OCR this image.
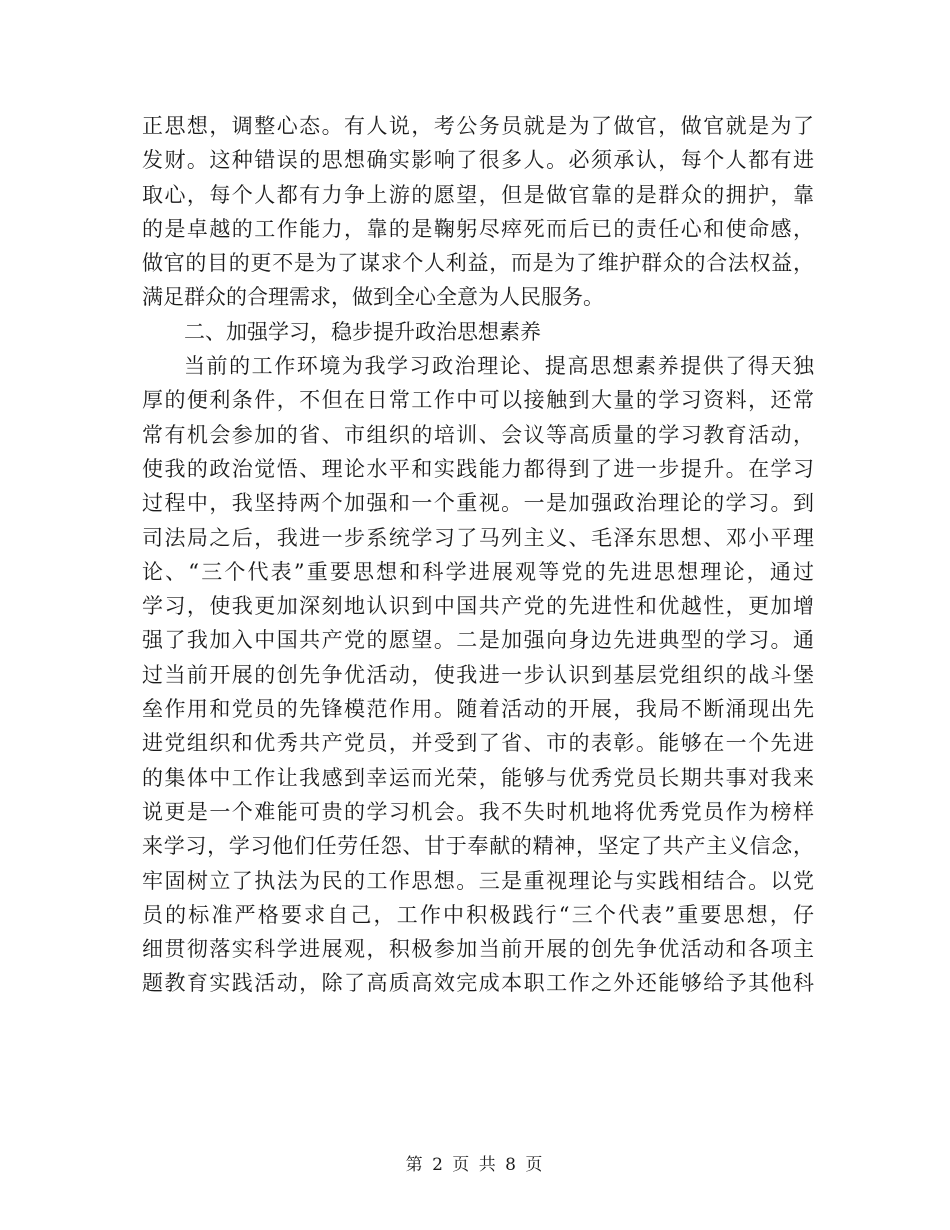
正思想，调整心态。有人说，考公务员就是为了做官，做官就是为了
发财。这种错误的思想确实影响了很多人。必须承认，每个人都有进
取心，每个人都有力争上游的愿望，但是做官靠的是群众的拥护，靠
的是卓越的工作能力，靠的是鞠躬尽瘁死而后已的责任心和使命感，
做官的目的更不是为了谋求个人利益，而是为了维护群众的合法权益，
满足群众的合理需求，做到全心全意为人民服务。
二、加强学习，稳步提升政治思想素养
当前的工作环境为我学习政治理论、提高思想素养提供了得天独
厚的便利条件，不但在日常工作中可以接触到大量的学习资料，还常
常有机会参加的省、市组织的培训、会议等高质量的学习教育活动，
使我的政治觉悟、理论水平和实践能力都得到了进一步提升。在学习
过程中，我坚持两个加强和一个重视。一是加强政治理论的学习。到
司法局之后，我进一步系统学习了马列主义、毛泽东思想、邓小平理
论、“三个代表”重要思想和科学进展观等党的先进思想理论，通过
学习，使我更加深刻地认识到中国共产党的先进性和优越性，更加增
强了我加入中国共产党的愿望。二是加强向身边先进典型的学习。通
过当前开展的创先争优活动，使我进一步认识到基层党组织的战斗堡
垒作用和党员的先锋模范作用。随着活动的开展，我局不断涌现出先
进党组织和优秀共产党员，并受到了省、市的表彰。能够在一个先进
的集体中工作让我感到幸运而光荣，能够与优秀党员长期共事对我来
说更是一个难能可贵的学习机会。我不失时机地将优秀党员作为榜样
来学习，学习他们任劳任怨、甘于奉献的精神，坚定了共产主义信念，
牢固树立了执法为民的工作思想。三是重视理论与实践相结合。以党
员的标准严格要求自己，工作中积极践行“三个代表”重要思想，仔
细贯彻落实科学进展观，积极参加当前开展的创先争优活动和各项主
题教育实践活动，除了高质高效完成本职工作之外还能够给予其他科
第 2 页 共 8 页
